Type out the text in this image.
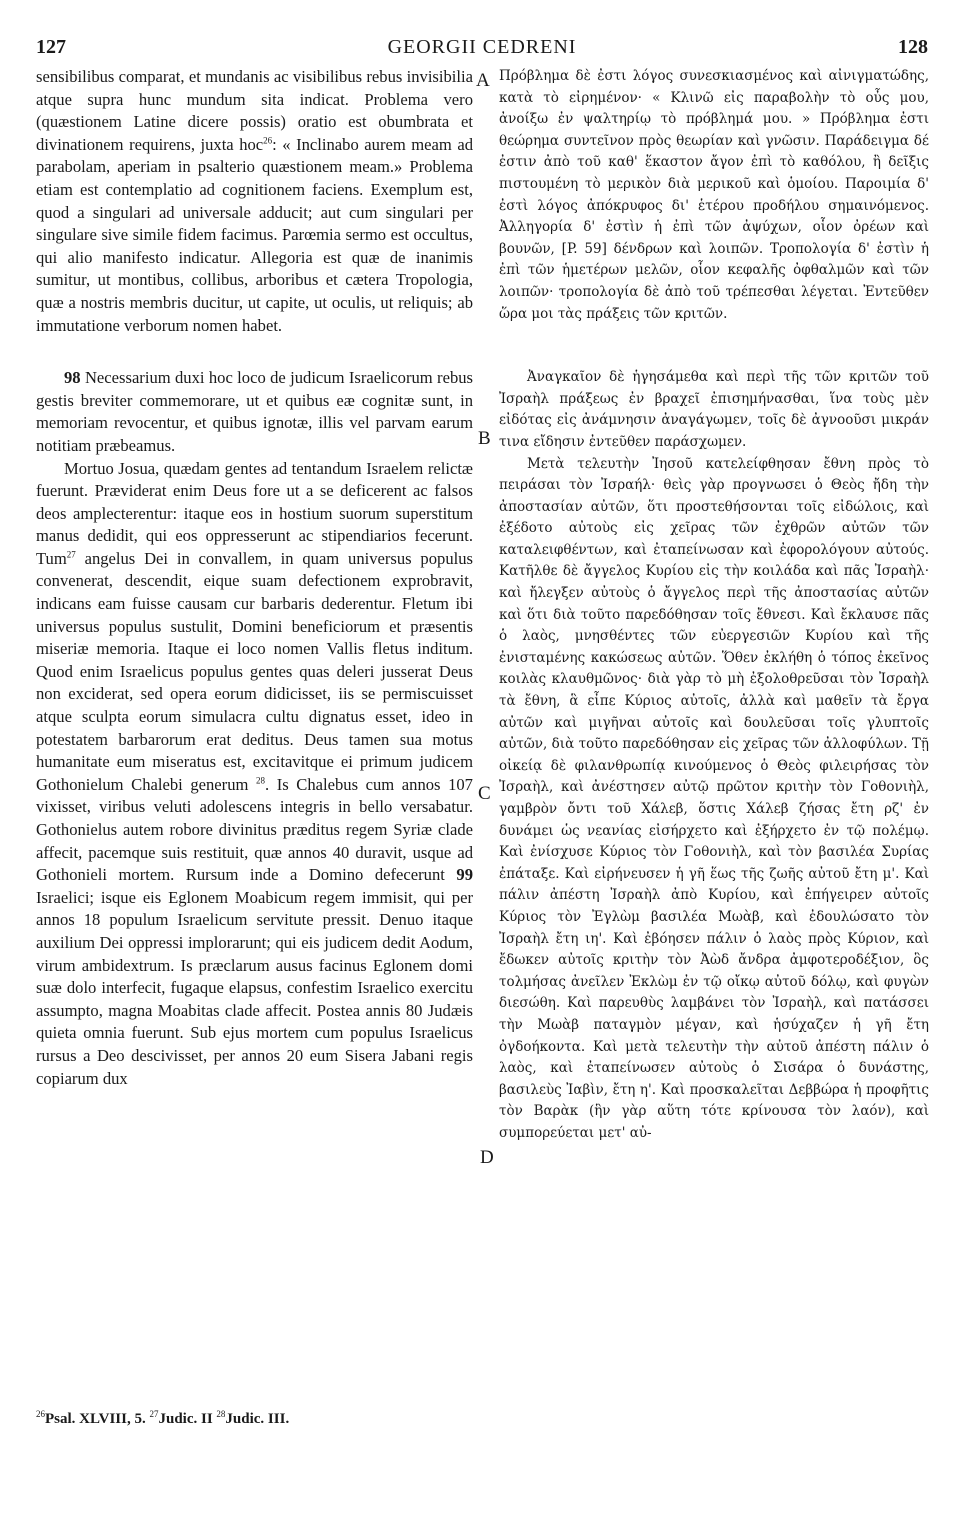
127	GEORGII CEDRENI	128

sensibilibus comparat, et mundanis ac visibilibus rebus invisibilia atque supra hunc mundum sita indicat. Problema vero (quæstionem Latine dicere possis) oratio est obumbrata et divinationem requirens, juxta hoc$^{26}$: « Inclinabo aurem meam ad parabolam, aperiam in psalterio quæstionem meam.» Problema etiam est contemplatio ad cognitionem faciens. Exemplum est, quod a singulari ad universale adducit; aut cum singulari per singulare sive simile fidem facimus. Parœmia sermo est occultus, qui alio manifesto indicatur. Allegoria est quæ de inanimis sumitur, ut montibus, collibus, arboribus et cætera Tropologia, quæ a nostris membris ducitur, ut capite, ut oculis, ut reliquis; ab immutatione verborum nomen habet.

98 Necessarium duxi hoc loco de judicum Israelicorum rebus gestis breviter commemorare, ut et quibus eæ cognitæ sunt, in memoriam revocentur, et quibus ignotæ, illis vel parvam earum notitiam præbeamus.

Mortuo Josua, quædam gentes ad tentandum Israelem relictæ fuerunt. Præviderat enim Deus fore ut a se deficerent ac falsos deos amplecterentur: itaque eos in hostium suorum superstitum manus dedidit, qui eos oppresserunt ac stipendiarios fecerunt. Tum$^{27}$ angelus Dei in convallem, in quam universus populus convenerat, descendit, eique suam defectionem exprobravit, indicans eam fuisse causam cur barbaris dederentur. Fletum ibi universus populus sustulit, Domini beneficiorum et præsentis miseriæ memoria. Itaque ei loco nomen Vallis fletus inditum. Quod enim Israelicus populus gentes quas deleri jusserat Deus non exciderat, sed opera eorum didicisset, iis se permiscuisset atque sculpta eorum simulacra cultu dignatus esset, ideo in potestatem barbarorum erat deditus. Deus tamen sua motus humanitate eum miseratus est, excitavitque ei primum judicem Gothonielum Chalebi generum $^{28}$. Is Chalebus cum annos 107 vixisset, viribus veluti adolescens integris in bello versabatur. Gothonielus autem robore divinitus præditus regem Syriæ clade affecit, pacemque suis restituit, quæ annos 40 duravit, usque ad Gothonieli mortem. Rursum inde a Domino defecerunt 99 Israelici; isque eis Eglonem Moabicum regem immisit, qui per annos 18 populum Israelicum servitute pressit. Denuo itaque auxilium Dei oppressi implorarunt; qui eis judicem dedit Aodum, virum ambidextrum. Is præclarum ausus facinus Eglonem domi suæ dolo interfecit, fugaque elapsus, confestim Israelico exercitu assumpto, magna Moabitas clade affecit. Postea annis 80 Judæis quieta omnia fuerunt. Sub ejus mortem cum populus Israelicus rursus a Deo descivisset, per annos 20 eum Sisera Jabani regis copiarum dux

Πρόβλημα δὲ ἐστι λόγος συνεσκιασμένος καὶ αἰνιγματώδης, κατὰ τὸ εἰρημένον· « Κλινῶ εἰς παραβολὴν τὸ οὖς μου, ἀνοίξω ἐν ψαλτηρίῳ τὸ πρόβλημά μου. » Πρόβλημα ἐστι θεώρημα συντεῖνον πρὸς θεωρίαν καὶ γνῶσιν. Παράδειγμα δέ ἐστιν ἀπὸ τοῦ καθ' ἕκαστον ἄγον ἐπὶ τὸ καθόλου, ἢ δεῖξις πιστουμένη τὸ μερικὸν διὰ μερικοῦ καὶ ὁμοίου. Παροιμία δ' ἐστὶ λόγος ἀπόκρυφος δι' ἑτέρου προδήλου σημαινόμενος. Ἀλληγορία δ' ἐστὶν ἡ ἐπὶ τῶν ἀψύχων, οἷον ὀρέων καὶ βουνῶν, [P. 59] δένδρων καὶ λοιπῶν. Τροπολογία δ' ἐστὶν ἡ ἐπὶ τῶν ἡμετέρων μελῶν, οἷον κεφαλῆς ὀφθαλμῶν καὶ τῶν λοιπῶν· τροπολογία δὲ ἀπὸ τοῦ τρέπεσθαι λέγεται. Ἐντεῦθεν ὥρα μοι τὰς πράξεις τῶν κριτῶν.

Ἀναγκαῖον δὲ ἡγησάμεθα καὶ περὶ τῆς τῶν κριτῶν τοῦ Ἰσραὴλ πράξεως ἐν βραχεῖ ἐπισημήνασθαι, ἵνα τοὺς μὲν εἰδότας εἰς ἀνάμνησιν ἀναγάγωμεν, τοῖς δὲ ἀγνοοῦσι μικράν τινα εἴδησιν ἐντεῦθεν παράσχωμεν.

Μετὰ τελευτὴν Ἰησοῦ κατελείφθησαν ἔθνη πρὸς τὸ πειράσαι τὸν Ἰσραήλ· θεὶς γὰρ προγνωσει ὁ Θεὸς ἤδη τὴν ἀποστασίαν αὐτῶν, ὅτι προστεθήσονται τοῖς εἰδώλοις, καὶ ἐξέδοτο αὐτοὺς εἰς χεῖρας τῶν ἐχθρῶν αὐτῶν τῶν καταλειφθέντων, καὶ ἐταπείνωσαν καὶ ἐφορολόγουν αὐτούς. Κατῆλθε δὲ ἄγγελος Κυρίου εἰς τὴν κοιλάδα καὶ πᾶς Ἰσραὴλ· καὶ ἤλεγξεν αὐτοὺς ὁ ἄγγελος περὶ τῆς ἀποστασίας αὐτῶν καὶ ὅτι διὰ τοῦτο παρεδόθησαν τοῖς ἔθνεσι. Καὶ ἔκλαυσε πᾶς ὁ λαὸς, μνησθέντες τῶν εὐεργεσιῶν Κυρίου καὶ τῆς ἐνισταμένης κακώσεως αὐτῶν. Ὅθεν ἐκλήθη ὁ τόπος ἐκεῖνος κοιλὰς κλαυθμῶνος· διὰ γὰρ τὸ μὴ ἐξολοθρεῦσαι τὸν Ἰσραὴλ τὰ ἔθνη, ἃ εἶπε Κύριος αὐτοῖς, ἀλλὰ καὶ μαθεῖν τὰ ἔργα αὐτῶν καὶ μιγῆναι αὐτοῖς καὶ δουλεῦσαι τοῖς γλυπτοῖς αὐτῶν, διὰ τοῦτο παρεδόθησαν εἰς χεῖρας τῶν ἀλλοφύλων. Τῇ οἰκείᾳ δὲ φιλανθρωπίᾳ κινούμενος ὁ Θεὸς φιλειρήσας τὸν Ἰσραὴλ, καὶ ἀνέστησεν αὐτῷ πρῶτον κριτὴν τὸν Γοθονιὴλ, γαμβρὸν ὄντι τοῦ Χάλεβ, ὅστις Χάλεβ ζήσας ἔτη ρζ' ἐν δυνάμει ὡς νεανίας εἰσήρχετο καὶ ἐξήρχετο ἐν τῷ πολέμῳ. Καὶ ἐνίσχυσε Κύριος τὸν Γοθονιὴλ, καὶ τὸν βασιλέα Συρίας ἐπάταξε. Καὶ εἰρήνευσεν ἡ γῆ ἕως τῆς ζωῆς αὐτοῦ ἔτη μ'. Καὶ πάλιν ἀπέστη Ἰσραὴλ ἀπὸ Κυρίου, καὶ ἐπήγειρεν αὐτοῖς Κύριος τὸν Ἐγλὼμ βασιλέα Μωὰβ, καὶ ἐδουλώσατο τὸν Ἰσραὴλ ἔτη ιη'. Καὶ ἐβόησεν πάλιν ὁ λαὸς πρὸς Κύριον, καὶ ἔδωκεν αὐτοῖς κριτὴν τὸν Ἀὼδ ἄνδρα ἀμφοτεροδέξιον, ὃς τολμήσας ἀνεῖλεν Ἐκλὼμ ἐν τῷ οἴκῳ αὐτοῦ δόλῳ, καὶ φυγὼν διεσώθη. Καὶ παρευθὺς λαμβάνει τὸν Ἰσραὴλ, καὶ πατάσσει τὴν Μωὰβ παταγμὸν μέγαν, καὶ ἡσύχαζεν ἡ γῆ ἔτη ὀγδοήκοντα. Καὶ μετὰ τελευτὴν τὴν αὐτοῦ ἀπέστη πάλιν ὁ λαὸς, καὶ ἐταπείνωσεν αὐτοὺς ὁ Σισάρα ὁ δυνάστης, βασιλεὺς Ἰαβὶν, ἔτη η'. Καὶ προσκαλεῖται Δεββώρα ἡ προφῆτις τὸν Βαρὰκ (ἣν γὰρ αὕτη τότε κρίνουσα τὸν λαόν), καὶ συμπορεύεται μετ' αὐ-

A
B
C
D
$^{26}$Psal. XLVIII, 5. $^{27}$Judic. II $^{28}$Judic. III.
